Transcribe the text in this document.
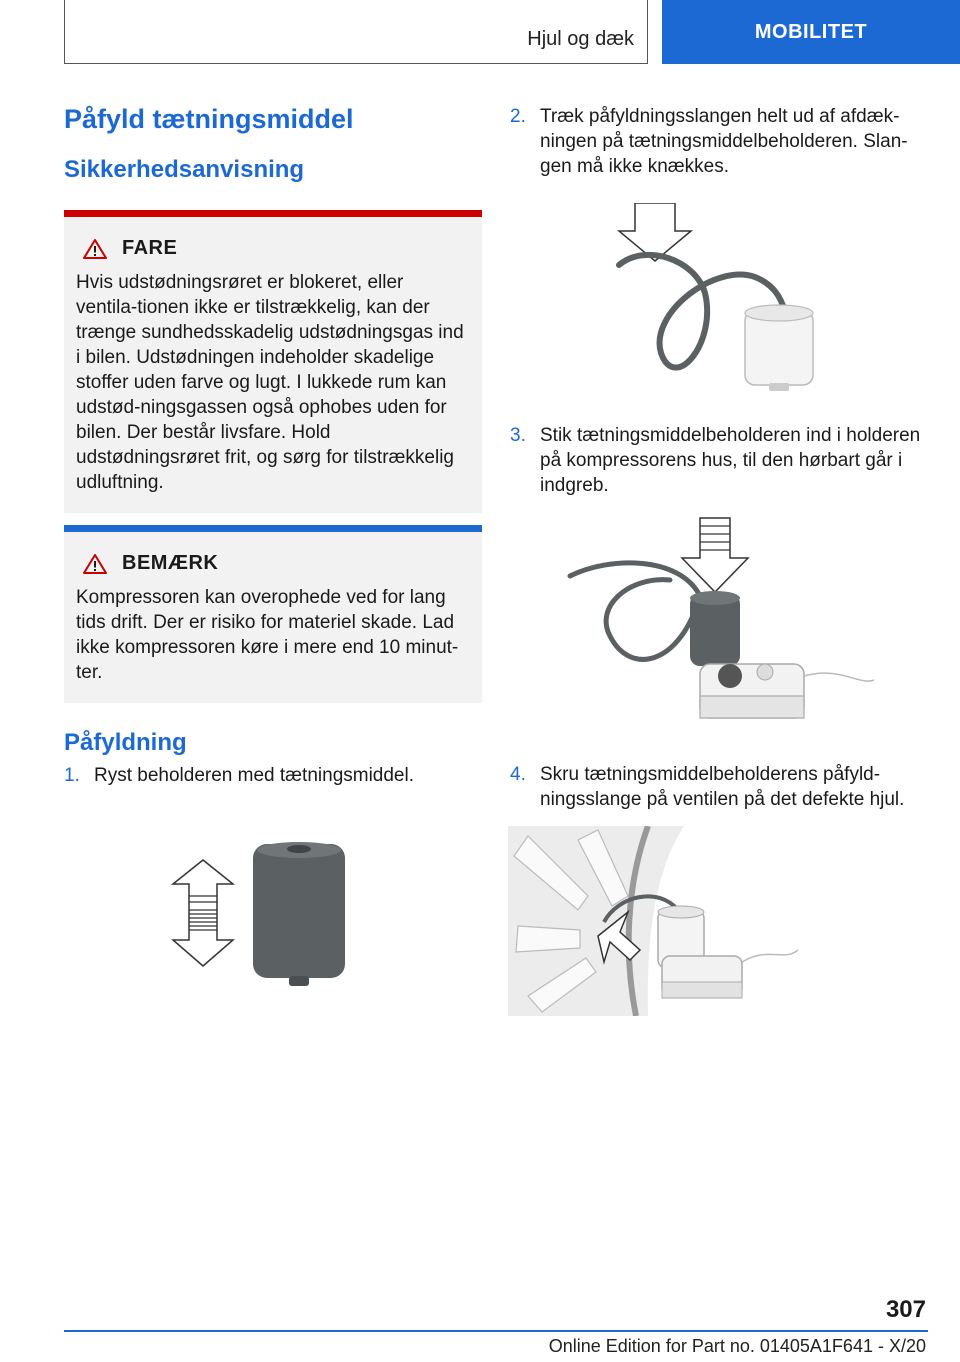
Hjul og dæk	MOBILITET
Påfyld tætningsmiddel
Sikkerhedsanvisning
FARE
Hvis udstødningsrøret er blokeret, eller ventila-tionen ikke er tilstrækkelig, kan der trænge sundhedsskadelig udstødningsgas ind i bilen. Udstødningen indeholder skadelige stoffer uden farve og lugt. I lukkede rum kan udstød-ningsgassen også ophobes uden for bilen. Der består livsfare. Hold udstødningsrøret frit, og sørg for tilstrækkelig udluftning.
BEMÆRK
Kompressoren kan overophede ved for lang tids drift. Der er risiko for materiel skade. Lad ikke kompressoren køre i mere end 10 minut-ter.
Påfyldning
1. Ryst beholderen med tætningsmiddel.
2. Træk påfyldningsslangen helt ud af afdæk-ningen på tætningsmiddelbeholderen. Slan-gen må ikke knækkes.
3. Stik tætningsmiddelbeholderen ind i holderen på kompressorens hus, til den hørbart går i indgreb.
4. Skru tætningsmiddelbeholderens påfyld-ningsslange på ventilen på det defekte hjul.
307
Online Edition for Part no. 01405A1F641 - X/20
